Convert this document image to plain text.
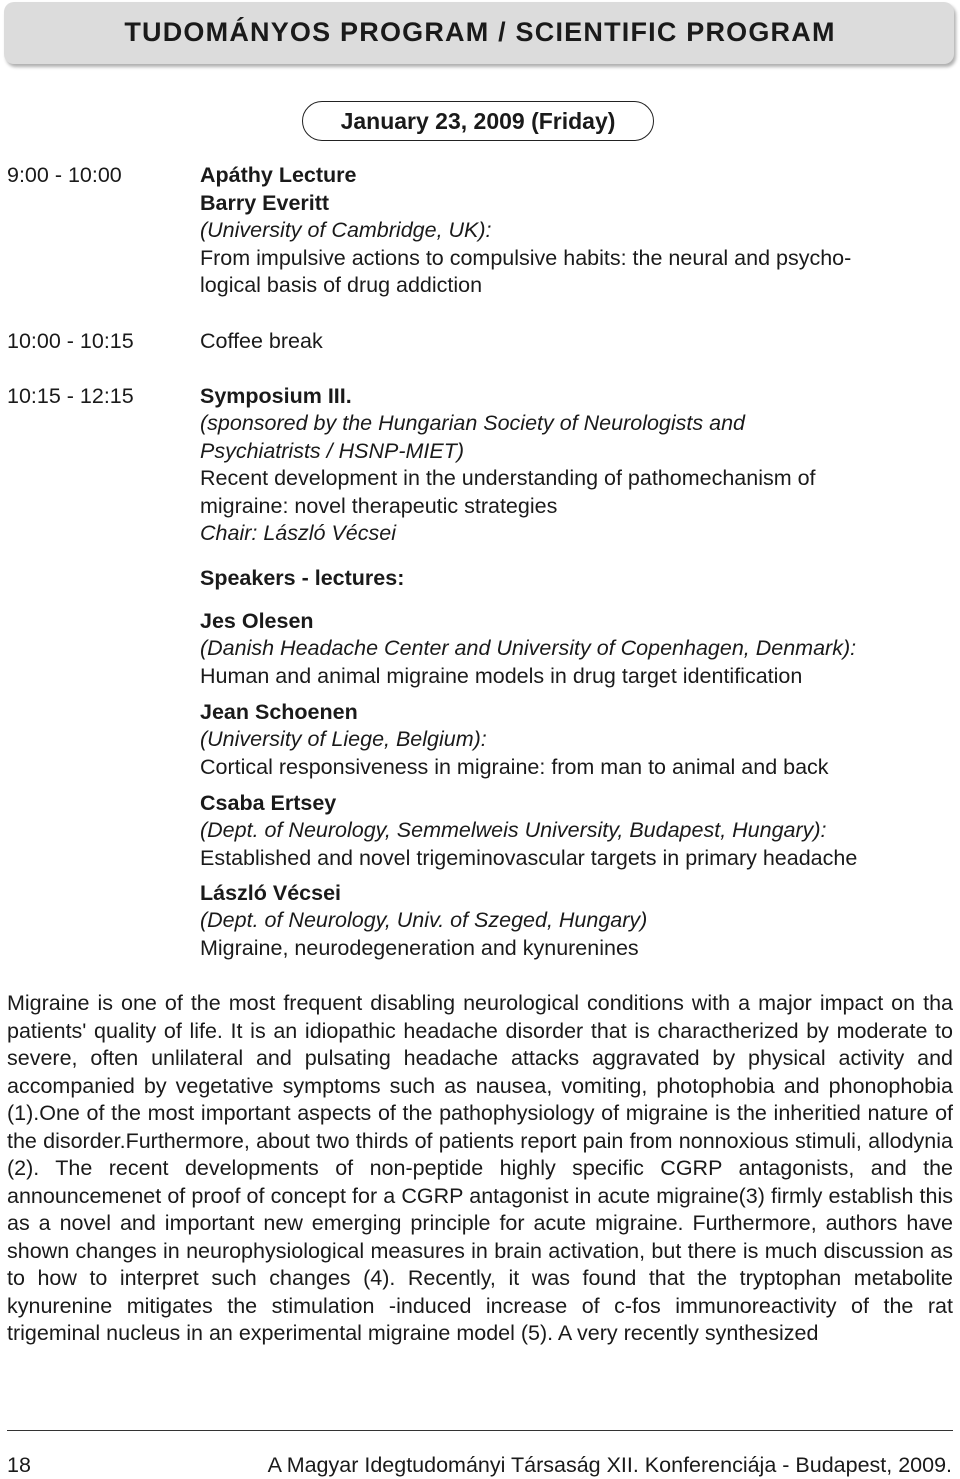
TUDOMÁNYOS PROGRAM / SCIENTIFIC PROGRAM
January 23, 2009 (Friday)
9:00 - 10:00	Apáthy Lecture
Barry Everitt
(University of Cambridge, UK):
From impulsive actions to compulsive habits: the neural and psycho-
logical basis of drug addiction
10:00 - 10:15	Coffee break
10:15 - 12:15	Symposium III.
(sponsored by the Hungarian Society of Neurologists and
Psychiatrists / HSNP-MIET)
Recent development in the understanding of pathomechanism of
migraine: novel therapeutic strategies
Chair: László Vécsei
Speakers - lectures:
Jes Olesen
(Danish Headache Center and University of Copenhagen, Denmark):
Human and animal migraine models in drug target identification
Jean Schoenen
(University of Liege, Belgium):
Cortical responsiveness in migraine: from man to animal and back
Csaba Ertsey
(Dept. of Neurology, Semmelweis University, Budapest, Hungary):
Established and novel trigeminovascular targets in primary headache
László Vécsei
(Dept. of Neurology, Univ. of Szeged, Hungary)
Migraine, neurodegeneration and kynurenines
Migraine is one of the most frequent disabling neurological conditions with a major impact on tha patients' quality of life. It is an idiopathic headache disorder that is charactherized by moderate to severe, often unlilateral and pulsating headache attacks aggravated by physical activity and accompanied by vegetative symptoms such as nausea, vomiting, photophobia and phonophobia (1).One of the most important aspects of the pathophysiology of migraine is the inheritied nature of the disorder.Furthermore, about two thirds of patients report pain from nonnoxious stimuli, allodynia (2). The recent developments of non-peptide highly specific CGRP antagonists, and the announcemenet of proof of concept for a CGRP antagonist in acute migraine(3) firmly establish this as a novel and important new emerging principle for acute migraine. Furthermore, authors have shown changes in neurophysiological measures in brain activation, but there is much discussion as to how to interpret such changes (4). Recently, it was found that the tryptophan metabolite kynurenine mitigates the stimulation -induced increase of c-fos immunoreactivity of the rat trigeminal nucleus in an experimental migraine model (5). A very recently synthesized
18	A Magyar Idegtudományi Társaság XII. Konferenciája - Budapest, 2009.
